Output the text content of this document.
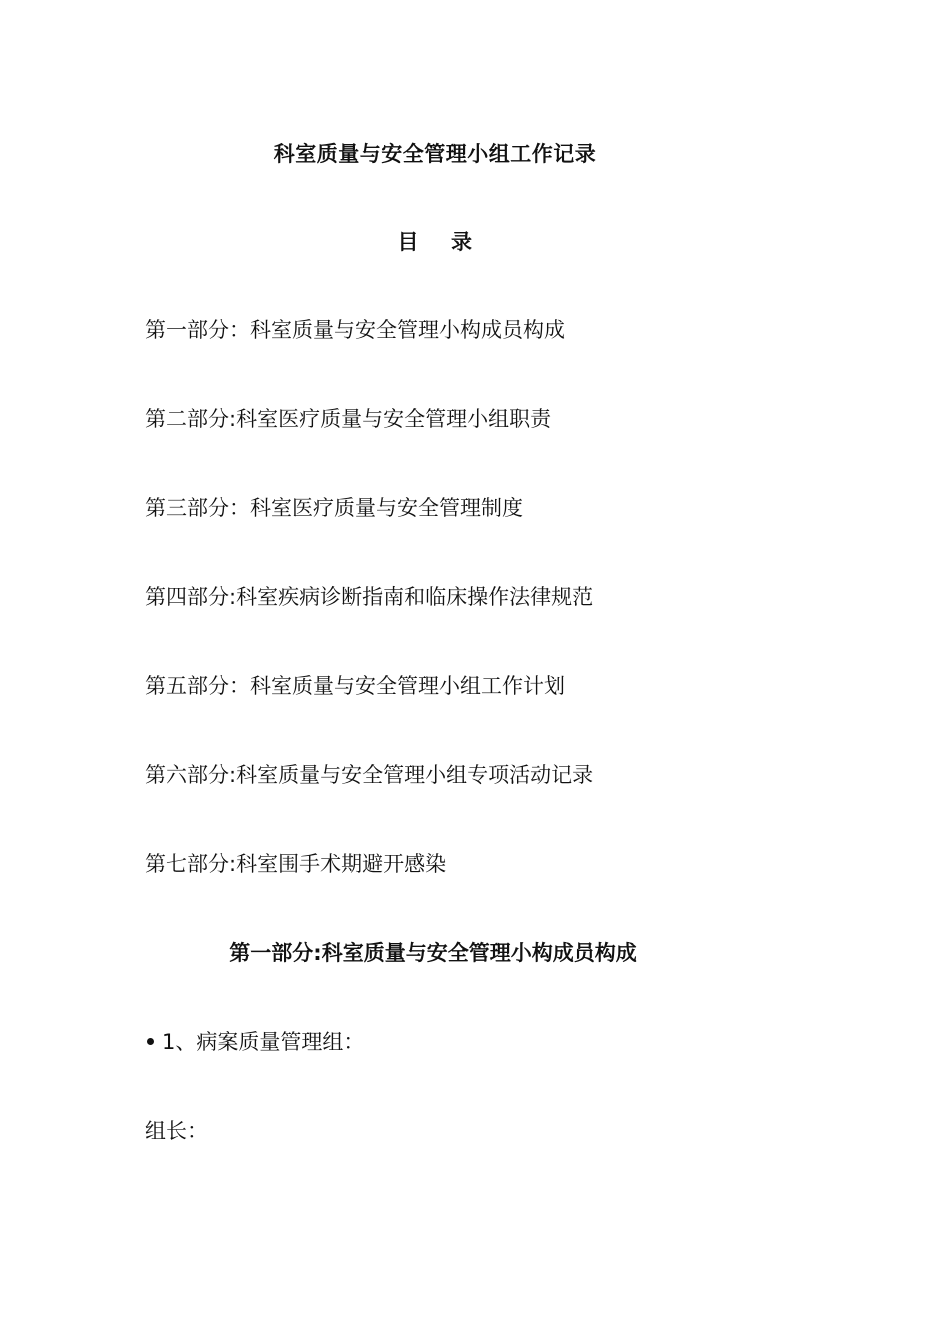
科室质量与安全管理小组工作记录
目 录
第一部分：科室质量与安全管理小构成员构成
第二部分:科室医疗质量与安全管理小组职责
第三部分：科室医疗质量与安全管理制度
第四部分:科室疾病诊断指南和临床操作法律规范
第五部分：科室质量与安全管理小组工作计划
第六部分:科室质量与安全管理小组专项活动记录
第七部分:科室围手术期避开感染
第一部分:科室质量与安全管理小构成员构成
1、病案质量管理组：
组长：
